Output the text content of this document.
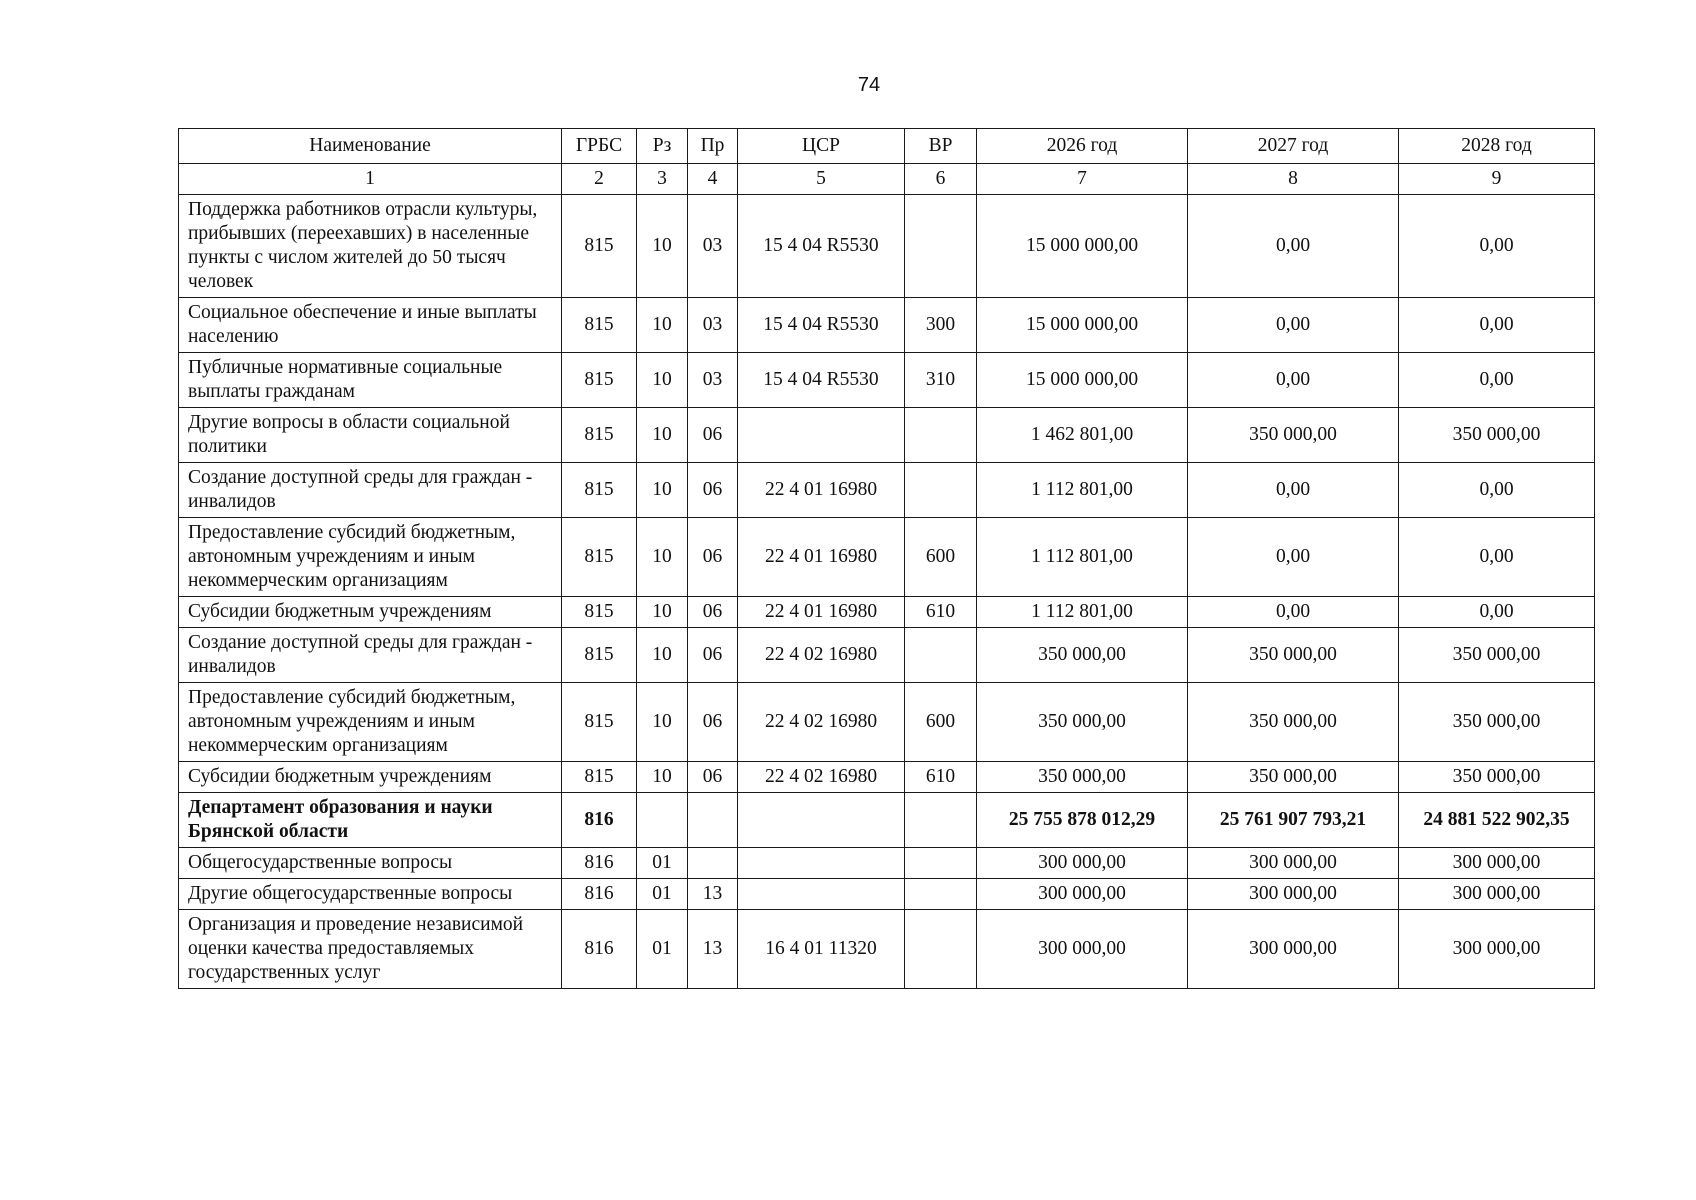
74
Наименование	ГРБС	Рз	Пр	ЦСР	ВР	2026 год	2027 год	2028 год
1	2	3	4	5	6	7	8	9
Поддержка работников отрасли культуры, прибывших (переехавших) в населенные пункты с числом жителей до 50 тысяч человек	815	10	03	15 4 04 R5530		15 000 000,00	0,00	0,00
Социальное обеспечение и иные выплаты населению	815	10	03	15 4 04 R5530	300	15 000 000,00	0,00	0,00
Публичные нормативные социальные выплаты гражданам	815	10	03	15 4 04 R5530	310	15 000 000,00	0,00	0,00
Другие вопросы в области социальной политики	815	10	06			1 462 801,00	350 000,00	350 000,00
Создание доступной среды для граждан - инвалидов	815	10	06	22 4 01 16980		1 112 801,00	0,00	0,00
Предоставление субсидий бюджетным, автономным учреждениям и иным некоммерческим организациям	815	10	06	22 4 01 16980	600	1 112 801,00	0,00	0,00
Субсидии бюджетным учреждениям	815	10	06	22 4 01 16980	610	1 112 801,00	0,00	0,00
Создание доступной среды для граждан - инвалидов	815	10	06	22 4 02 16980		350 000,00	350 000,00	350 000,00
Предоставление субсидий бюджетным, автономным учреждениям и иным некоммерческим организациям	815	10	06	22 4 02 16980	600	350 000,00	350 000,00	350 000,00
Субсидии бюджетным учреждениям	815	10	06	22 4 02 16980	610	350 000,00	350 000,00	350 000,00
Департамент образования и науки Брянской области	816					25 755 878 012,29	25 761 907 793,21	24 881 522 902,35
Общегосударственные вопросы	816	01				300 000,00	300 000,00	300 000,00
Другие общегосударственные вопросы	816	01	13			300 000,00	300 000,00	300 000,00
Организация и проведение независимой оценки качества предоставляемых государственных услуг	816	01	13	16 4 01 11320		300 000,00	300 000,00	300 000,00
